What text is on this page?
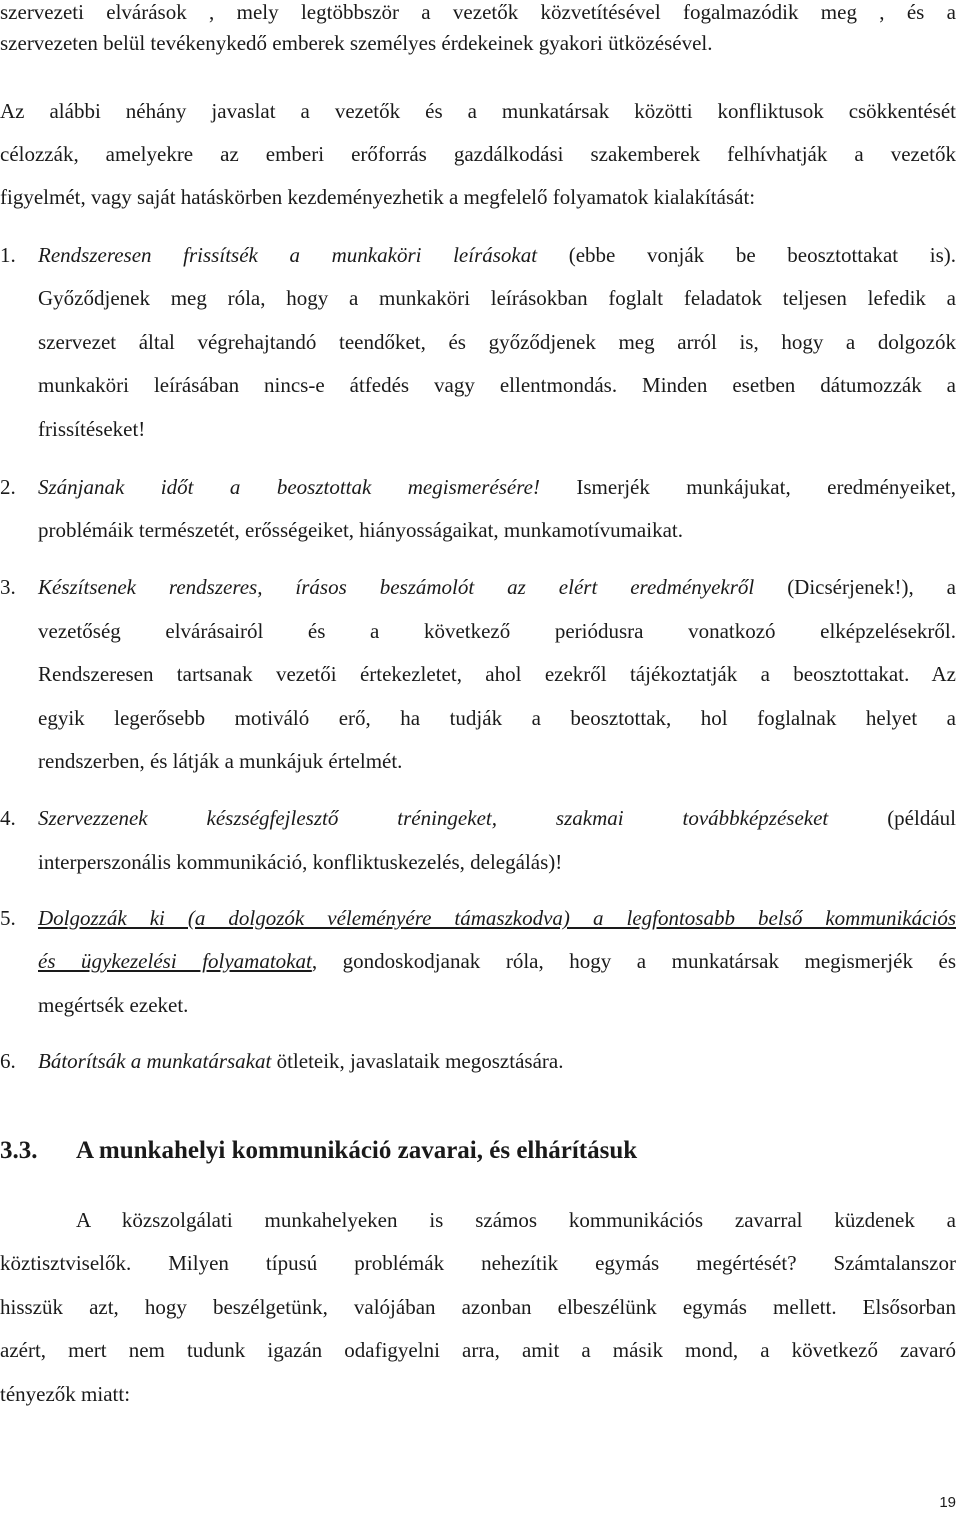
szervezeti elvárások , mely legtöbbször a vezetők közvetítésével fogalmazódik meg , és a
szervezeten belül tevékenykedő emberek személyes érdekeinek gyakori ütközésével.
Az alábbi néhány javaslat a vezetők és a munkatársak közötti konfliktusok csökkentését
célozzák, amelyekre az emberi erőforrás gazdálkodási szakemberek felhívhatják a vezetők
figyelmét, vagy saját hatáskörben kezdeményezhetik a megfelelő folyamatok kialakítását:
1. Rendszeresen frissítsék a munkaköri leírásokat (ebbe vonják be beosztottakat is).
Győződjenek meg róla, hogy a munkaköri leírásokban foglalt feladatok teljesen lefedik a
szervezet által végrehajtandó teendőket, és győződjenek meg arról is, hogy a dolgozók
munkaköri leírásában nincs-e átfedés vagy ellentmondás. Minden esetben dátumozzák a
frissítéseket!
2. Szánjanak időt a beosztottak megismerésére! Ismerjék munkájukat, eredményeiket,
problémáik természetét, erősségeiket, hiányosságaikat, munkamotívumaikat.
3. Készítsenek rendszeres, írásos beszámolót az elért eredményekről (Dicsérjenek!), a
vezetőség elvárásairól és a következő periódusra vonatkozó elképzelésekről.
Rendszeresen tartsanak vezetői értekezletet, ahol ezekről tájékoztatják a beosztottakat. Az
egyik legerősebb motiváló erő, ha tudják a beosztottak, hol foglalnak helyet a
rendszerben, és látják a munkájuk értelmét.
4. Szervezzenek készségfejlesztő tréningeket, szakmai továbbképzéseket (például
interperszonális kommunikáció, konfliktuskezelés, delegálás)!
5. Dolgozzák ki (a dolgozók véleményére támaszkodva) a legfontosabb belső kommunikációs
és ügykezelési folyamatokat, gondoskodjanak róla, hogy a munkatársak megismerjék és
megértsék ezeket.
6. Bátorítsák a munkatársakat ötleteik, javaslataik megosztására.
3.3. A munkahelyi kommunikáció zavarai, és elhárításuk
A közszolgálati munkahelyeken is számos kommunikációs zavarral küzdenek a
köztisztviselők. Milyen típusú problémák nehezítik egymás megértését? Számtalanszor
hisszük azt, hogy beszélgetünk, valójában azonban elbeszélünk egymás mellett. Elsősorban
azért, mert nem tudunk igazán odafigyelni arra, amit a másik mond, a következő zavaró
tényezők miatt:
19
